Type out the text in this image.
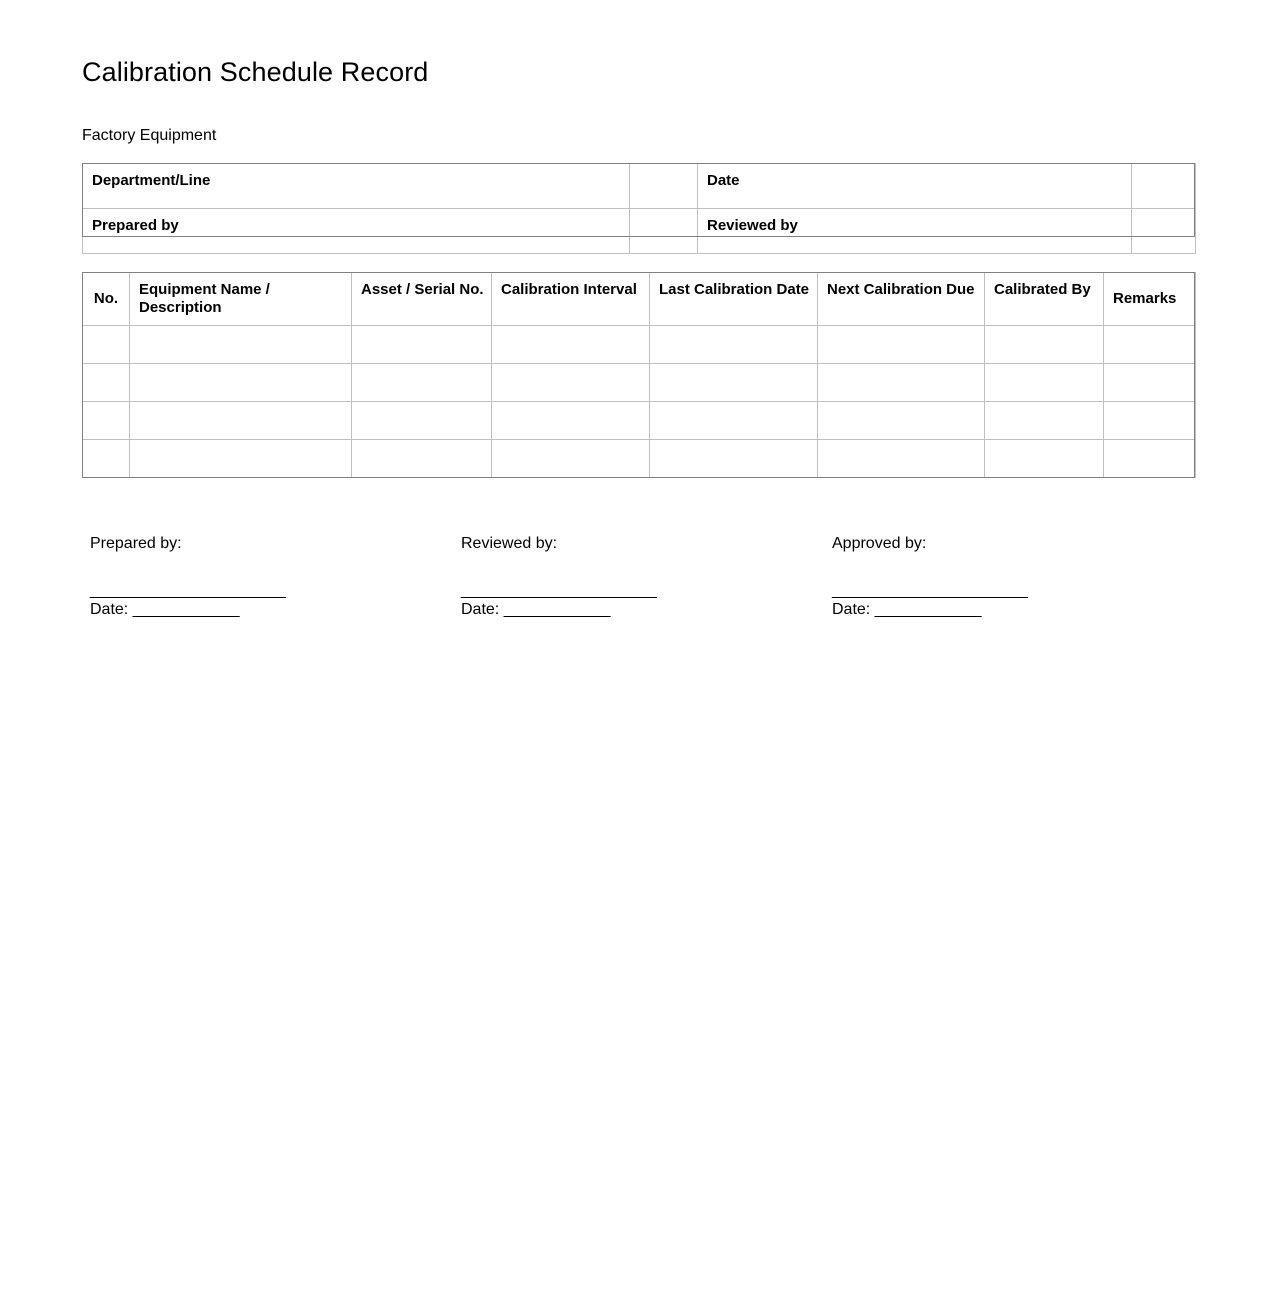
Calibration Schedule Record
Factory Equipment
Department/Line		Date	
Prepared by		Reviewed by	
No.	Equipment Name / Description	Asset / Serial No.	Calibration Interval	Last Calibration Date	Next Calibration Due	Calibrated By	Remarks

Prepared by:
______________________
Date: ____________
Reviewed by:
______________________
Date: ____________
Approved by:
______________________
Date: ____________
